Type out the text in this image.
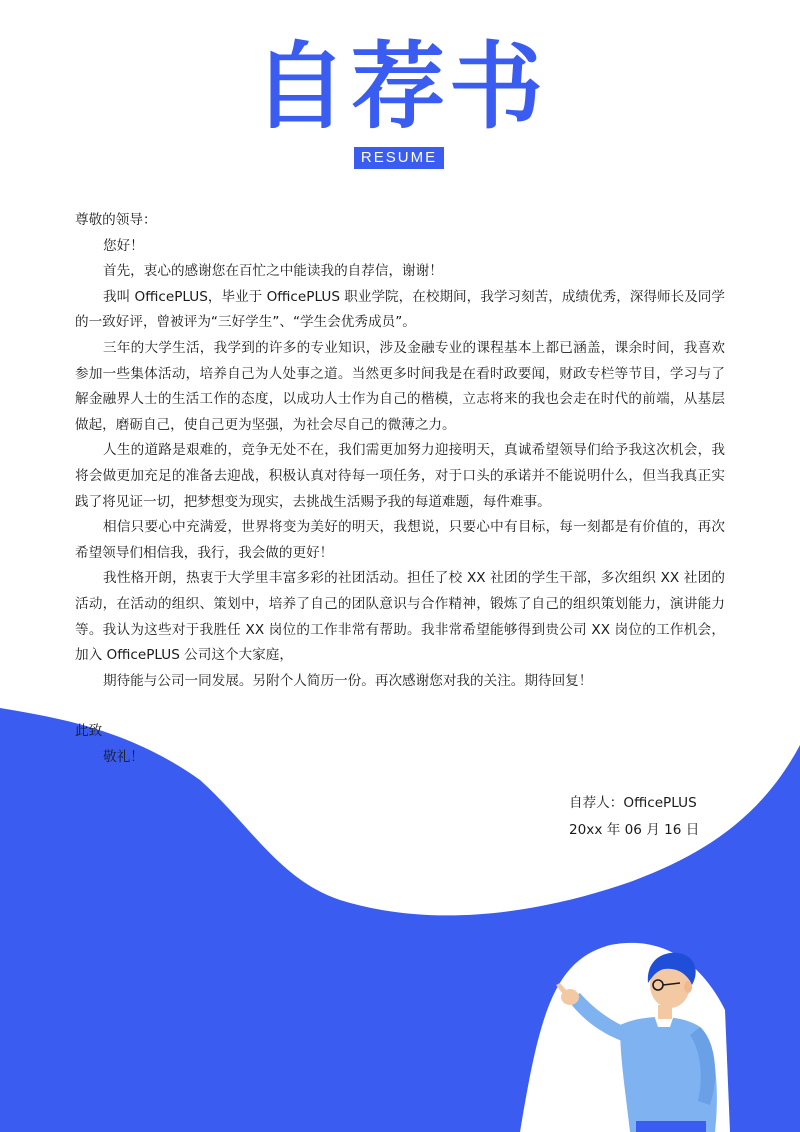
自荐书
RESUME

尊敬的领导：

您好！

首先，衷心的感谢您在百忙之中能读我的自荐信，谢谢！

我叫 OfficePLUS，毕业于 OfficePLUS 职业学院，在校期间，我学习刻苦，成绩优秀，深得师长及同学的一致好评，曾被评为“三好学生”、“学生会优秀成员”。

三年的大学生活，我学到的许多的专业知识，涉及金融专业的课程基本上都已涵盖，课余时间，我喜欢参加一些集体活动，培养自己为人处事之道。当然更多时间我是在看时政要闻，财政专栏等节目，学习与了解金融界人士的生活工作的态度，以成功人士作为自己的楷模，立志将来的我也会走在时代的前端，从基层做起，磨砺自己，使自己更为坚强，为社会尽自己的微薄之力。

人生的道路是艰难的，竞争无处不在，我们需更加努力迎接明天，真诚希望领导们给予我这次机会，我将会做更加充足的准备去迎战，积极认真对待每一项任务，对于口头的承诺并不能说明什么，但当我真正实践了将见证一切，把梦想变为现实，去挑战生活赐予我的每道难题，每件难事。

相信只要心中充满爱，世界将变为美好的明天，我想说，只要心中有目标，每一刻都是有价值的，再次希望领导们相信我，我行，我会做的更好！

我性格开朗，热衷于大学里丰富多彩的社团活动。担任了校 XX 社团的学生干部，多次组织 XX 社团的活动，在活动的组织、策划中，培养了自己的团队意识与合作精神，锻炼了自己的组织策划能力，演讲能力等。我认为这些对于我胜任 XX 岗位的工作非常有帮助。我非常希望能够得到贵公司 XX 岗位的工作机会，加入 OfficePLUS 公司这个大家庭，

期待能与公司一同发展。另附个人简历一份。再次感谢您对我的关注。期待回复！

此致

敬礼！

自荐人：OfficePLUS
20xx 年 06 月 16 日
